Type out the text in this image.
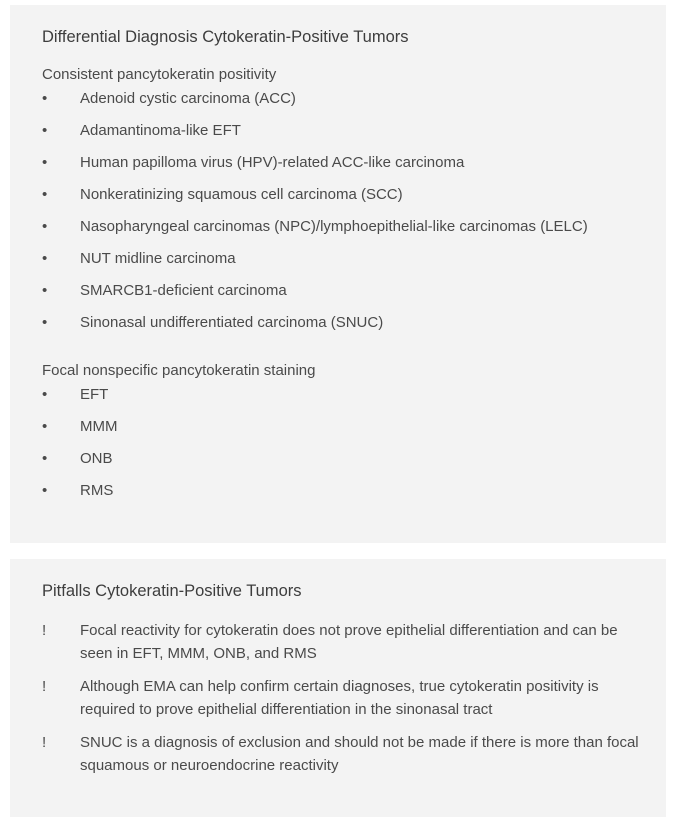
Differential Diagnosis Cytokeratin-Positive Tumors
Consistent pancytokeratin positivity
•	Adenoid cystic carcinoma (ACC)
•	Adamantinoma-like EFT
•	Human papilloma virus (HPV)-related ACC-like carcinoma
•	Nonkeratinizing squamous cell carcinoma (SCC)
•	Nasopharyngeal carcinomas (NPC)/lymphoepithelial-like carcinomas (LELC)
•	NUT midline carcinoma
•	SMARCB1-deficient carcinoma
•	Sinonasal undifferentiated carcinoma (SNUC)
Focal nonspecific pancytokeratin staining
•	EFT
•	MMM
•	ONB
•	RMS
Pitfalls Cytokeratin-Positive Tumors
!	Focal reactivity for cytokeratin does not prove epithelial differentiation and can be seen in EFT, MMM, ONB, and RMS
!	Although EMA can help confirm certain diagnoses, true cytokeratin positivity is required to prove epithelial differentiation in the sinonasal tract
!	SNUC is a diagnosis of exclusion and should not be made if there is more than focal squamous or neuroendocrine reactivity
